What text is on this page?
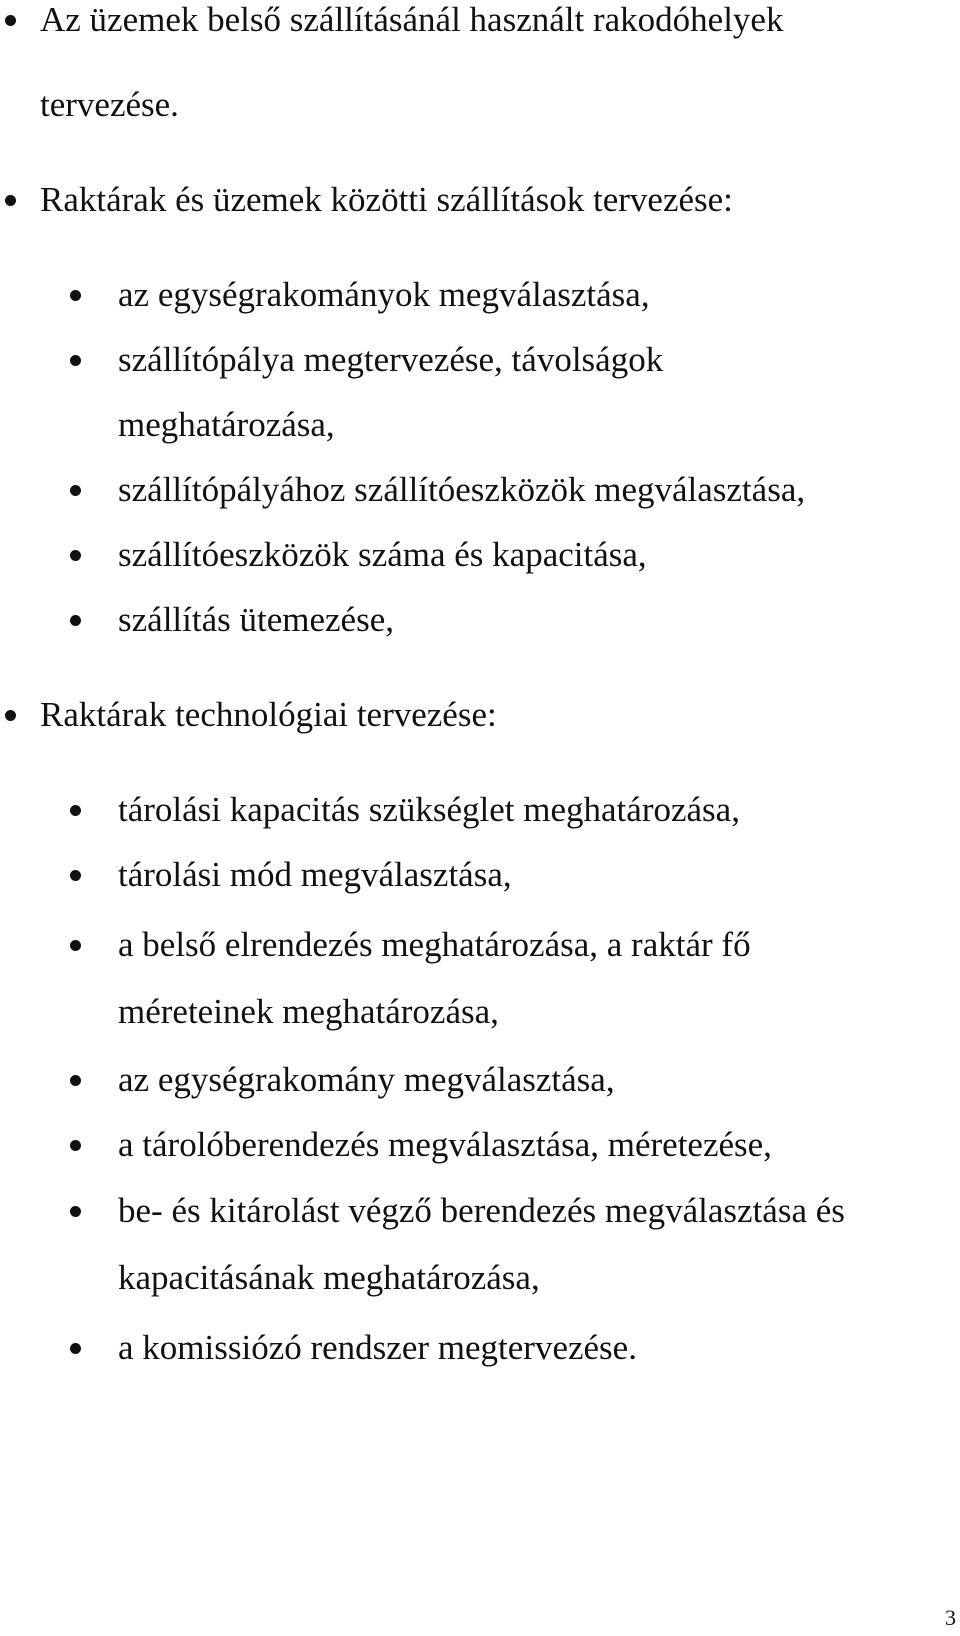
Az üzemek belső szállításánál használt rakodóhelyek
tervezése.
Raktárak és üzemek közötti szállítások tervezése:
az egységrakományok megválasztása,
szállítópálya megtervezése, távolságok
meghatározása,
szállítópályához szállítóeszközök megválasztása,
szállítóeszközök száma és kapacitása,
szállítás ütemezése,
Raktárak technológiai tervezése:
tárolási kapacitás szükséglet meghatározása,
tárolási mód megválasztása,
a belső elrendezés meghatározása, a raktár fő
méreteinek meghatározása,
az egységrakomány megválasztása,
a tárolóberendezés megválasztása, méretezése,
be- és kitárolást végző berendezés megválasztása és
kapacitásának meghatározása,
a komissiózó rendszer megtervezése.
3
